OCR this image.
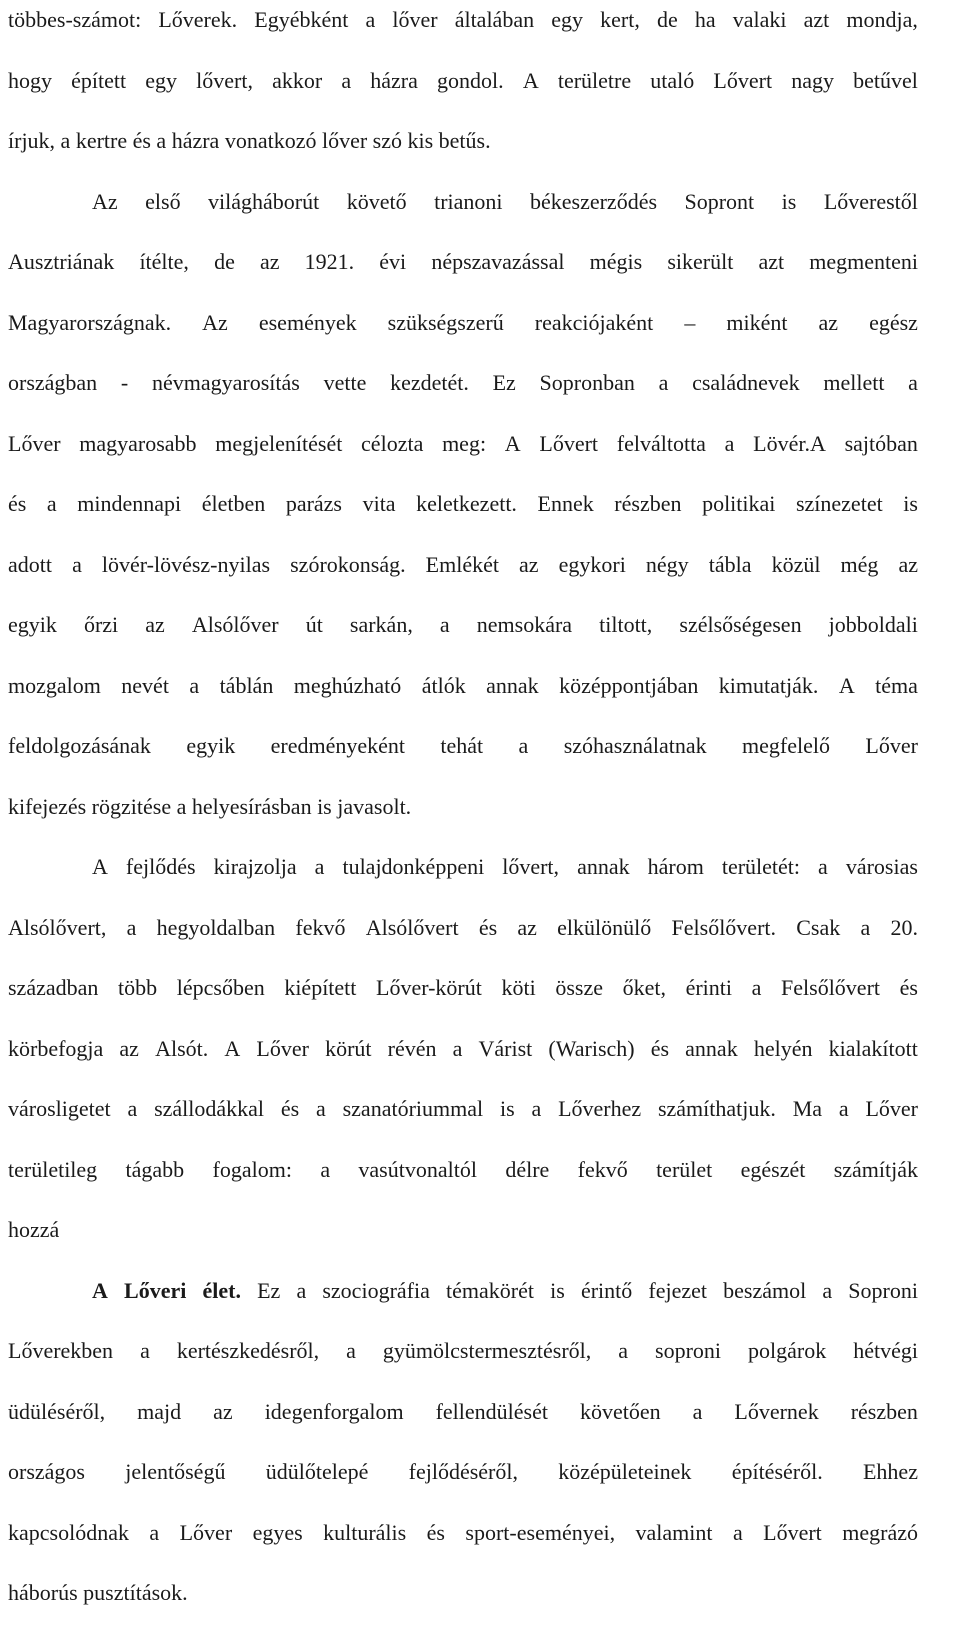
többes-számot: Lőverek. Egyébként a lőver általában egy kert, de ha valaki azt mondja,
hogy épített egy lővert, akkor a házra gondol. A területre utaló Lővert nagy betűvel
írjuk, a kertre és a házra vonatkozó lőver szó kis betűs.
Az első világháborút követő trianoni békeszerződés Sopront is Lőverestől
Ausztriának ítélte, de az 1921. évi népszavazással mégis sikerült azt megmenteni
Magyarországnak. Az események szükségszerű reakciójaként – miként az egész
országban - névmagyarosítás vette kezdetét. Ez Sopronban a családnevek mellett a
Lőver magyarosabb megjelenítését célozta meg: A Lővert felváltotta a Lövér.A sajtóban
és a mindennapi életben parázs vita keletkezett. Ennek részben politikai színezetet is
adott a lövér-lövész-nyilas szórokonság. Emlékét az egykori négy tábla közül még az
egyik őrzi az Alsólőver út sarkán, a nemsokára tiltott, szélsőségesen jobboldali
mozgalom nevét a táblán meghúzható átlók annak középpontjában kimutatják. A téma
feldolgozásának egyik eredményeként tehát a szóhasználatnak megfelelő Lőver
kifejezés rögzitése a helyesírásban is javasolt.
A fejlődés kirajzolja a tulajdonképpeni lővert, annak három területét: a városias
Alsólővert, a hegyoldalban fekvő Alsólővert és az elkülönülő Felsőlővert. Csak a 20.
században több lépcsőben kiépített Lőver-körút köti össze őket, érinti a Felsőlővert és
körbefogja az Alsót. A Lőver körút révén a Várist (Warisch) és annak helyén kialakított
városligetet a szállodákkal és a szanatóriummal is a Lőverhez számíthatjuk. Ma a Lőver
területileg tágabb fogalom: a vasútvonaltól délre fekvő terület egészét számítják
hozzá
A Lőveri élet. Ez a szociográfia témakörét is érintő fejezet beszámol a Soproni
Lőverekben a kertészkedésről, a gyümölcstermesztésről, a soproni polgárok hétvégi
üdüléséről, majd az idegenforgalom fellendülését követően a Lővernek részben
országos jelentőségű üdülőtelepé fejlődéséről, középületeinek építéséről. Ehhez
kapcsolódnak a Lőver egyes kulturális és sport-eseményei, valamint a Lővert megrázó
háborús pusztítások.
